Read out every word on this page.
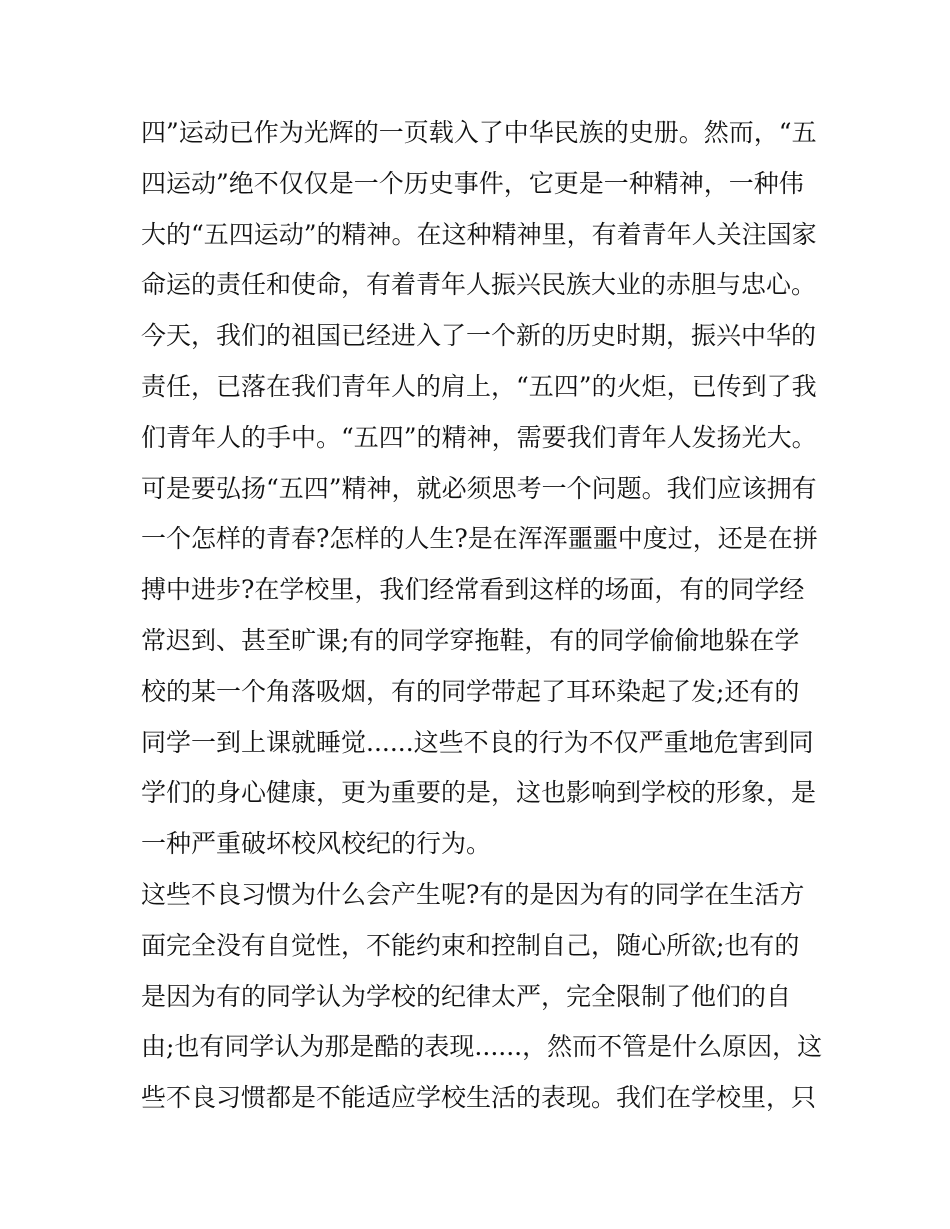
四”运动已作为光辉的一页载入了中华民族的史册。然而，“五
四运动”绝不仅仅是一个历史事件，它更是一种精神，一种伟
大的“五四运动”的精神。在这种精神里，有着青年人关注国家
命运的责任和使命，有着青年人振兴民族大业的赤胆与忠心。
今天，我们的祖国已经进入了一个新的历史时期，振兴中华的
责任，已落在我们青年人的肩上，“五四”的火炬，已传到了我
们青年人的手中。“五四”的精神，需要我们青年人发扬光大。
可是要弘扬“五四”精神，就必须思考一个问题。我们应该拥有
一个怎样的青春?怎样的人生?是在浑浑噩噩中度过，还是在拼
搏中进步?在学校里，我们经常看到这样的场面，有的同学经
常迟到、甚至旷课;有的同学穿拖鞋，有的同学偷偷地躲在学
校的某一个角落吸烟，有的同学带起了耳环染起了发;还有的
同学一到上课就睡觉......这些不良的行为不仅严重地危害到同
学们的身心健康，更为重要的是，这也影响到学校的形象，是
一种严重破坏校风校纪的行为。
这些不良习惯为什么会产生呢?有的是因为有的同学在生活方
面完全没有自觉性，不能约束和控制自己，随心所欲;也有的
是因为有的同学认为学校的纪律太严，完全限制了他们的自
由;也有同学认为那是酷的表现......，然而不管是什么原因，这
些不良习惯都是不能适应学校生活的表现。我们在学校里，只
